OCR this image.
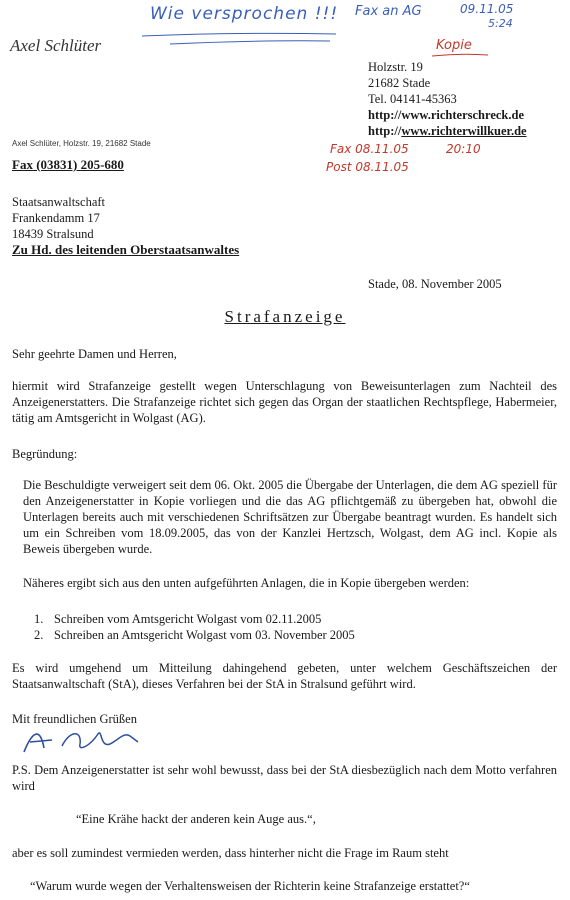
Wie versprochen !!! Fax an AG	09.11.05
5:24
Kopie
Axel Schlüter
Holzstr. 19
21682 Stade
Tel. 04141-45363
http://www.richterschreck.de
http://www.richterwillkuer.de
Fax 08.11.05	20:10
Post 08.11.05
Axel Schlüter, Holzstr. 19, 21682 Stade
Fax (03831) 205-680
Staatsanwaltschaft
Frankendamm 17
18439 Stralsund
Zu Hd. des leitenden Oberstaatsanwaltes
Stade, 08. November 2005
Strafanzeige
Sehr geehrte Damen und Herren,
hiermit wird Strafanzeige gestellt wegen Unterschlagung von Beweisunterlagen zum Nachteil des Anzeigenerstatters. Die Strafanzeige richtet sich gegen das Organ der staatlichen Rechtspflege, Habermeier, tätig am Amtsgericht in Wolgast (AG).
Begründung:
Die Beschuldigte verweigert seit dem 06. Okt. 2005 die Übergabe der Unterlagen, die dem AG speziell für den Anzeigenerstatter in Kopie vorliegen und die das AG pflichtgemäß zu übergeben hat, obwohl die Unterlagen bereits auch mit verschiedenen Schriftsätzen zur Übergabe beantragt wurden. Es handelt sich um ein Schreiben vom 18.09.2005, das von der Kanzlei Hertzsch, Wolgast, dem AG incl. Kopie als Beweis übergeben wurde.
Näheres ergibt sich aus den unten aufgeführten Anlagen, die in Kopie übergeben werden:
1. Schreiben vom Amtsgericht Wolgast vom 02.11.2005
2. Schreiben an Amtsgericht Wolgast vom 03. November 2005
Es wird umgehend um Mitteilung dahingehend gebeten, unter welchem Geschäftszeichen der Staatsanwaltschaft (StA), dieses Verfahren bei der StA in Stralsund geführt wird.
Mit freundlichen Grüßen
P.S. Dem Anzeigenerstatter ist sehr wohl bewusst, dass bei der StA diesbezüglich nach dem Motto verfahren wird
“Eine Krähe hackt der anderen kein Auge aus.“,
aber es soll zumindest vermieden werden, dass hinterher nicht die Frage im Raum steht
“Warum wurde wegen der Verhaltensweisen der Richterin keine Strafanzeige erstattet?“
